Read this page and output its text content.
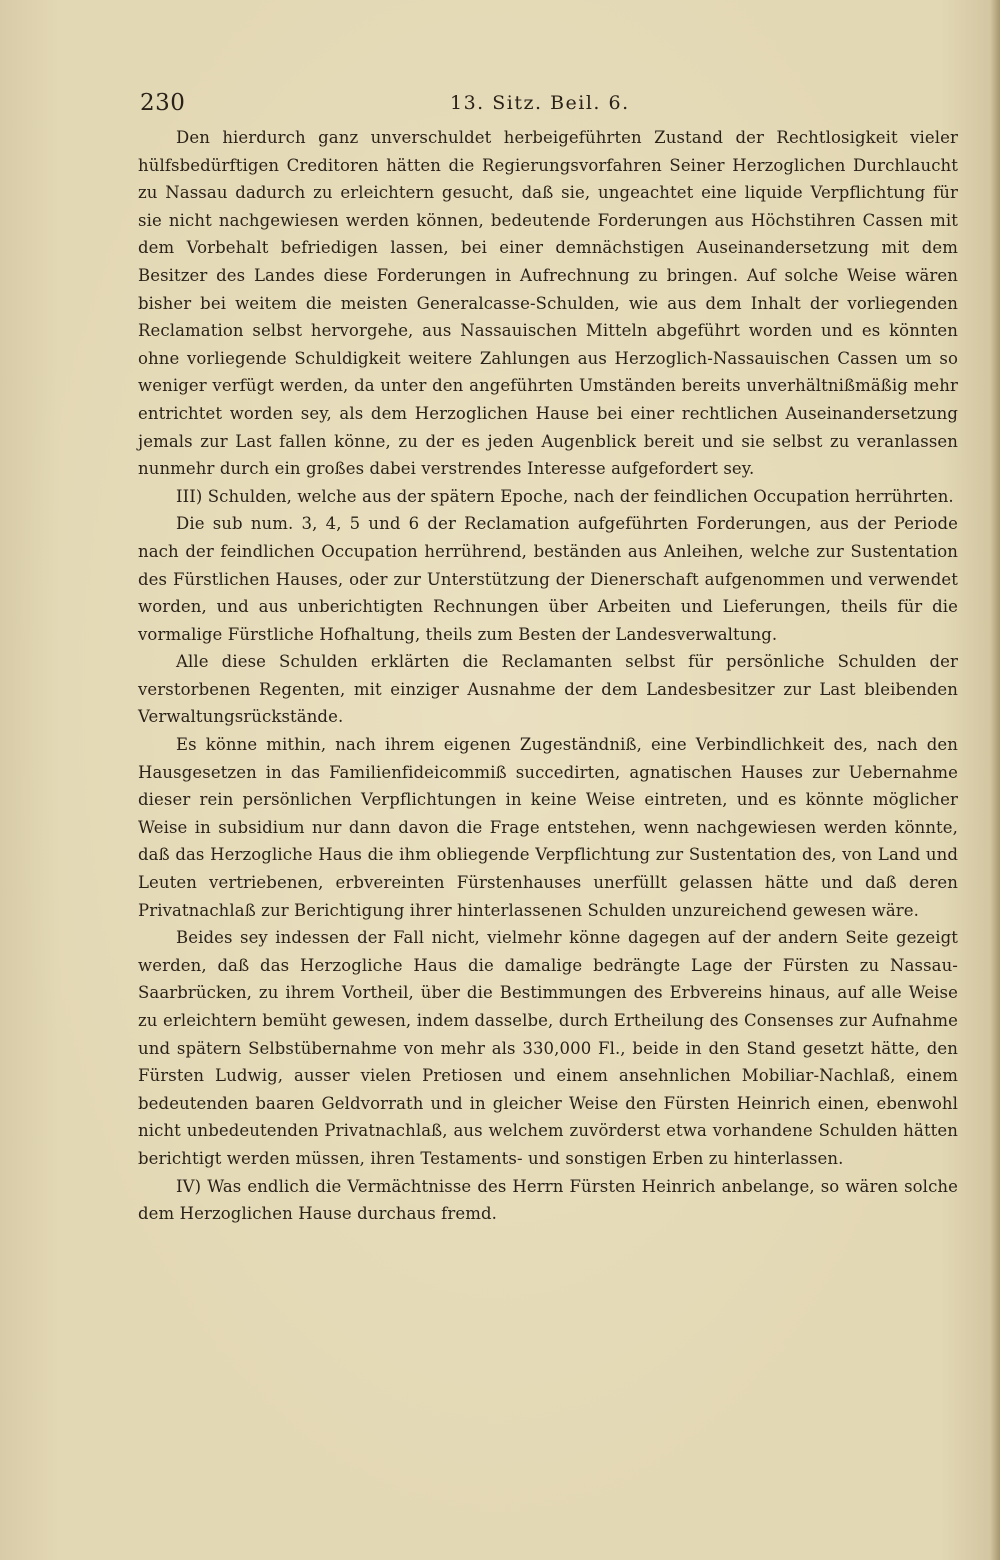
230	13. Sitz. Beil. 6.

Den hierdurch ganz unverschuldet herbeigeführten Zustand der Rechtlosigkeit vieler hülfsbedürftigen Creditoren hätten die Regierungsvorfahren Seiner Herzoglichen Durchlaucht zu Nassau dadurch zu erleichtern gesucht, daß sie, ungeachtet eine liquide Verpflichtung für sie nicht nachgewiesen werden können, bedeutende Forderungen aus Höchstihren Cassen mit dem Vorbehalt befriedigen lassen, bei einer demnächstigen Auseinandersetzung mit dem Besitzer des Landes diese Forderungen in Aufrechnung zu bringen. Auf solche Weise wären bisher bei weitem die meisten Generalcasse-Schulden, wie aus dem Inhalt der vorliegenden Reclamation selbst hervorgehe, aus Nassauischen Mitteln abgeführt worden und es könnten ohne vorliegende Schuldigkeit weitere Zahlungen aus Herzoglich-Nassauischen Cassen um so weniger verfügt werden, da unter den angeführten Umständen bereits unverhältnißmäßig mehr entrichtet worden sey, als dem Herzoglichen Hause bei einer rechtlichen Auseinandersetzung jemals zur Last fallen könne, zu der es jeden Augenblick bereit und sie selbst zu veranlassen nunmehr durch ein großes dabei verstrendes Interesse aufgefordert sey.

III) Schulden, welche aus der spätern Epoche, nach der feindlichen Occupation herrührten.

Die sub num. 3, 4, 5 und 6 der Reclamation aufgeführten Forderungen, aus der Periode nach der feindlichen Occupation herrührend, beständen aus Anleihen, welche zur Sustentation des Fürstlichen Hauses, oder zur Unterstützung der Dienerschaft aufgenommen und verwendet worden, und aus unberichtigten Rechnungen über Arbeiten und Lieferungen, theils für die vormalige Fürstliche Hofhaltung, theils zum Besten der Landesverwaltung.

Alle diese Schulden erklärten die Reclamanten selbst für persönliche Schulden der verstorbenen Regenten, mit einziger Ausnahme der dem Landesbesitzer zur Last bleibenden Verwaltungsrückstände.

Es könne mithin, nach ihrem eigenen Zugeständniß, eine Verbindlichkeit des, nach den Hausgesetzen in das Familienfideicommiß succedirten, agnatischen Hauses zur Uebernahme dieser rein persönlichen Verpflichtungen in keine Weise eintreten, und es könnte möglicher Weise in subsidium nur dann davon die Frage entstehen, wenn nachgewiesen werden könnte, daß das Herzogliche Haus die ihm obliegende Verpflichtung zur Sustentation des, von Land und Leuten vertriebenen, erbvereinten Fürstenhauses unerfüllt gelassen hätte und daß deren Privatnachlaß zur Berichtigung ihrer hinterlassenen Schulden unzureichend gewesen wäre.

Beides sey indessen der Fall nicht, vielmehr könne dagegen auf der andern Seite gezeigt werden, daß das Herzogliche Haus die damalige bedrängte Lage der Fürsten zu Nassau-Saarbrücken, zu ihrem Vortheil, über die Bestimmungen des Erbvereins hinaus, auf alle Weise zu erleichtern bemüht gewesen, indem dasselbe, durch Ertheilung des Consenses zur Aufnahme und spätern Selbstübernahme von mehr als 330,000 Fl., beide in den Stand gesetzt hätte, den Fürsten Ludwig, ausser vielen Pretiosen und einem ansehnlichen Mobiliar-Nachlaß, einem bedeutenden baaren Geldvorrath und in gleicher Weise den Fürsten Heinrich einen, ebenwohl nicht unbedeutenden Privatnachlaß, aus welchem zuvörderst etwa vorhandene Schulden hätten berichtigt werden müssen, ihren Testaments- und sonstigen Erben zu hinterlassen.

IV) Was endlich die Vermächtnisse des Herrn Fürsten Heinrich anbelange, so wären solche dem Herzoglichen Hause durchaus fremd.
